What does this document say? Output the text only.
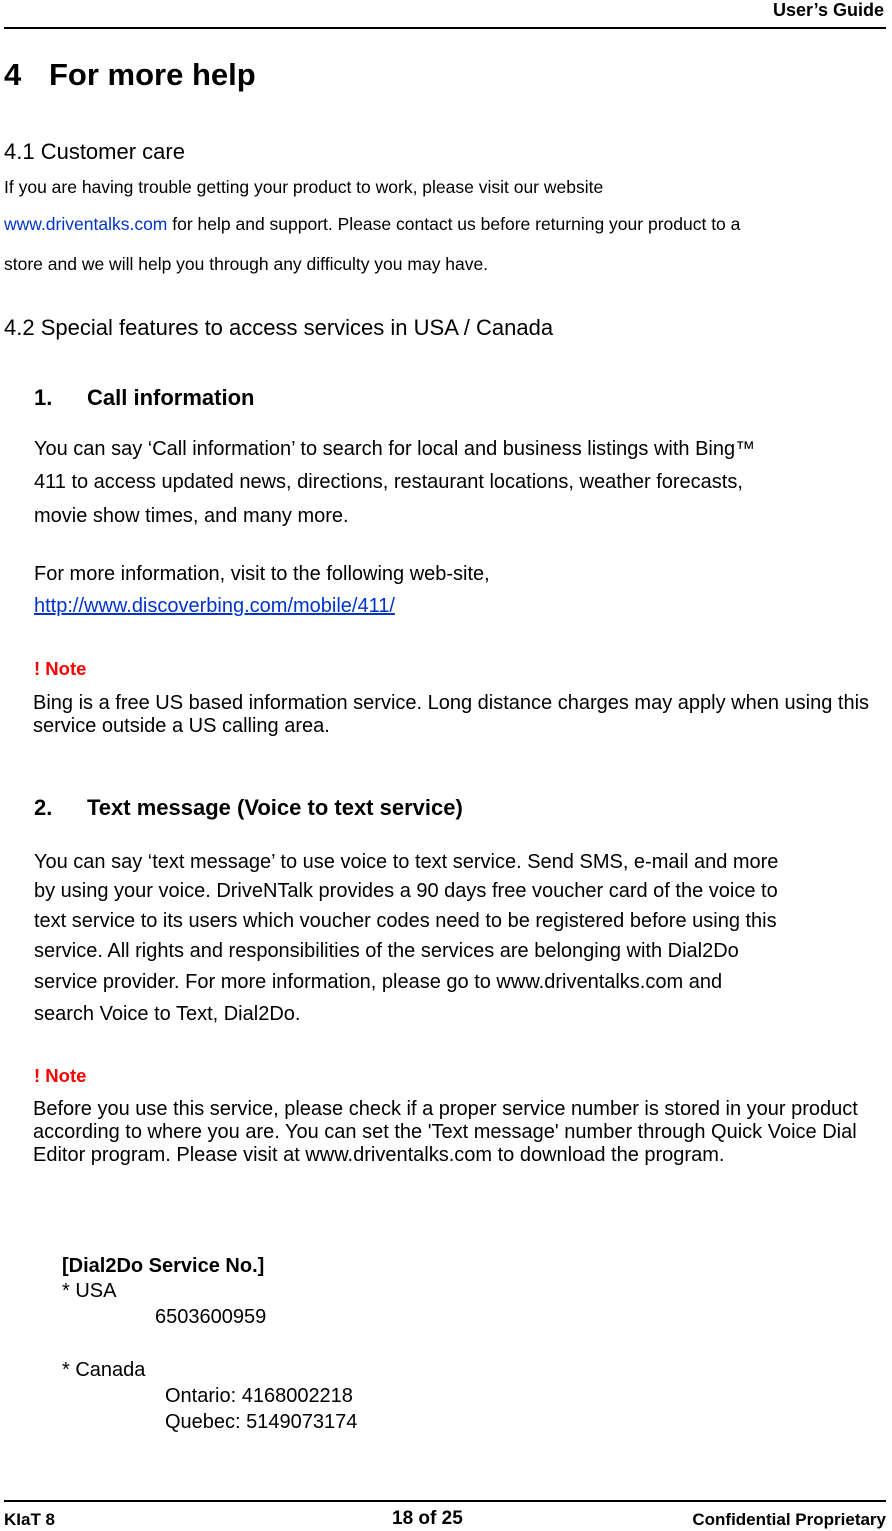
User’s Guide
4 For more help
4.1 Customer care
If you are having trouble getting your product to work, please visit our website
www.driventalks.com for help and support. Please contact us before returning your product to a
store and we will help you through any difficulty you may have.
4.2 Special features to access services in USA / Canada
1. Call information
You can say ‘Call information’ to search for local and business listings with Bing™
411 to access updated news, directions, restaurant locations, weather forecasts,
movie show times, and many more.
For more information, visit to the following web-site,
http://www.discoverbing.com/mobile/411/
! Note
Bing is a free US based information service. Long distance charges may apply when using this service outside a US calling area.
2. Text message (Voice to text service)
You can say ‘text message’ to use voice to text service. Send SMS, e-mail and more
by using your voice. DriveNTalk provides a 90 days free voucher card of the voice to
text service to its users which voucher codes need to be registered before using this
service. All rights and responsibilities of the services are belonging with Dial2Do
service provider. For more information, please go to www.driventalks.com and
search Voice to Text, Dial2Do.
! Note
Before you use this service, please check if a proper service number is stored in your product according to where you are. You can set the 'Text message' number through Quick Voice Dial Editor program. Please visit at www.driventalks.com to download the program.
[Dial2Do Service No.]
* USA
6503600959
* Canada
Ontario: 4168002218
Quebec: 5149073174
KIaT 8	18 of 25	Confidential Proprietary
